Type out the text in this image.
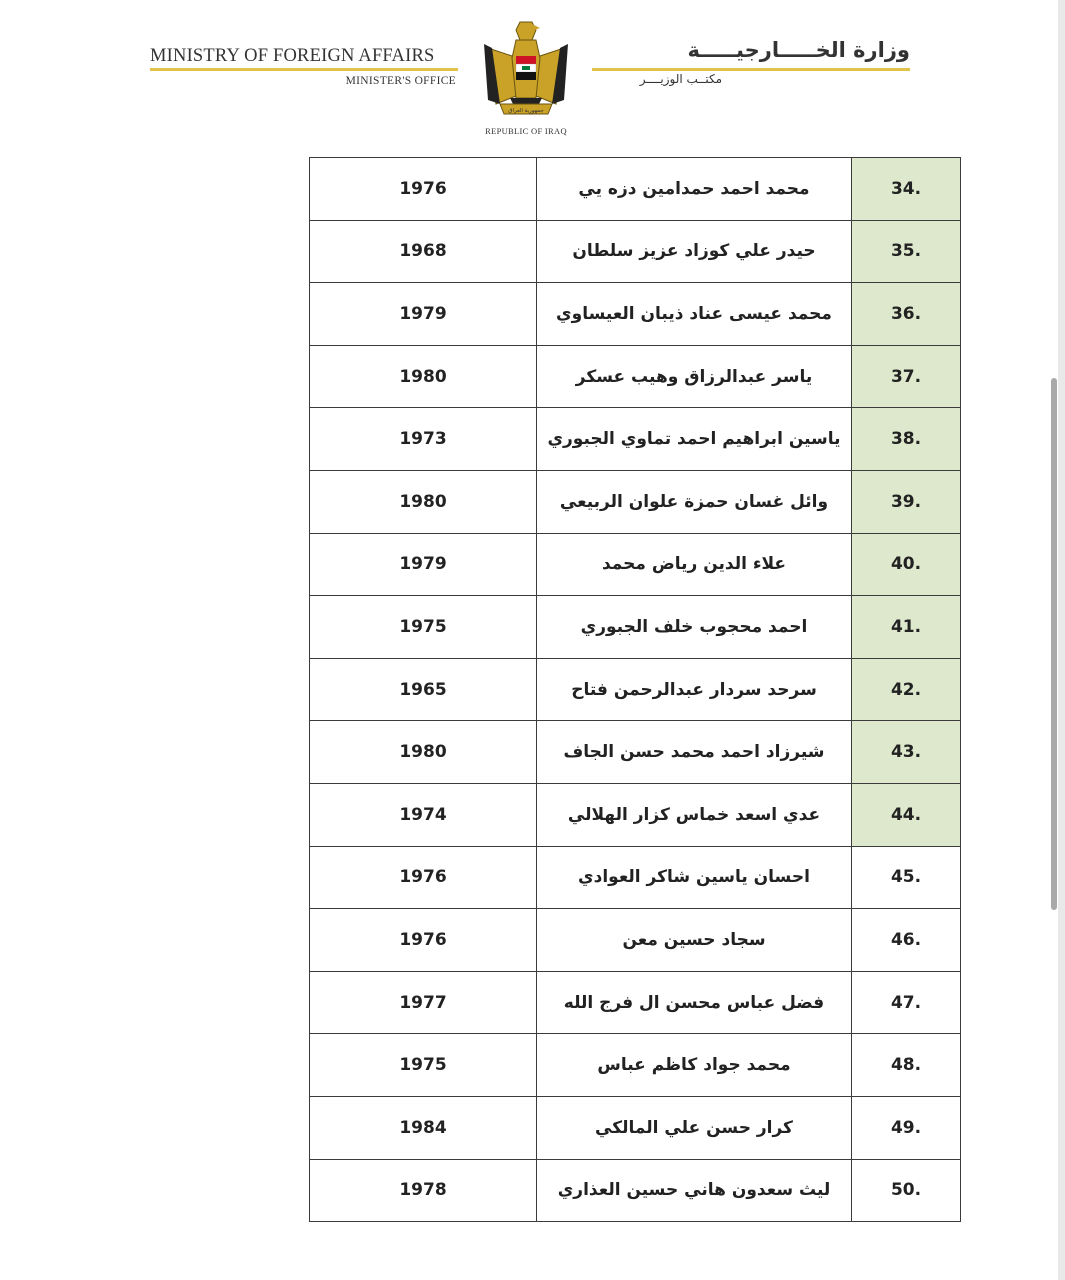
MINISTRY OF FOREIGN AFFAIRS
MINISTER'S OFFICE
جمهورية العراق
REPUBLIC OF IRAQ
وزارة الخـــــارجيـــــة
مكتــب الوزيــــر
1976	محمد احمد حمدامين دزه يي	34.
1968	حيدر علي كوزاد عزيز سلطان	35.
1979	محمد عيسى عناد ذيبان العيساوي	36.
1980	ياسر عبدالرزاق وهيب عسكر	37.
1973	ياسين ابراهيم احمد تماوي الجبوري	38.
1980	وائل غسان حمزة علوان الربيعي	39.
1979	علاء الدين رياض محمد	40.
1975	احمد محجوب خلف الجبوري	41.
1965	سرحد سردار عبدالرحمن فتاح	42.
1980	شيرزاد احمد محمد حسن الجاف	43.
1974	عدي اسعد خماس كزار الهلالي	44.
1976	احسان ياسين شاكر العوادي	45.
1976	سجاد حسين معن	46.
1977	فضل عباس محسن ال فرج الله	47.
1975	محمد جواد كاظم عباس	48.
1984	كرار حسن علي المالكي	49.
1978	ليث سعدون هاني حسين العذاري	50.
